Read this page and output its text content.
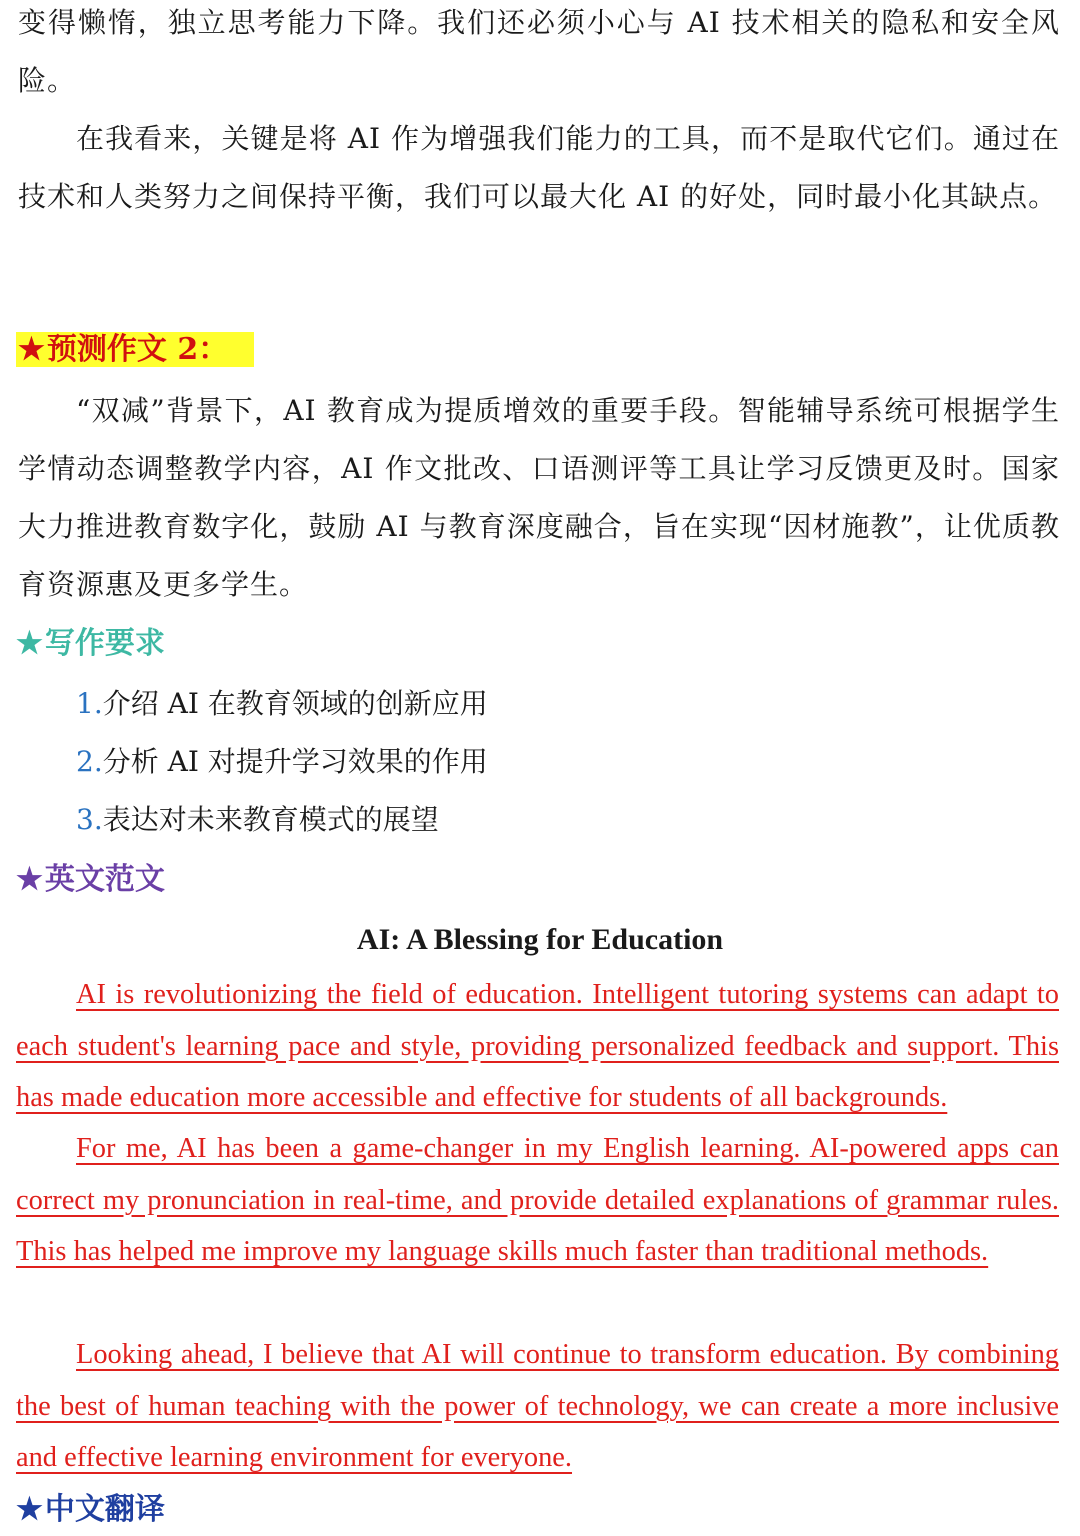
变得懒惰，独立思考能力下降。我们还必须小心与 AI 技术相关的隐私和安全风险。

在我看来，关键是将 AI 作为增强我们能力的工具，而不是取代它们。通过在技术和人类努力之间保持平衡，我们可以最大化 AI 的好处，同时最小化其缺点。

★预测作文 2：

“双减”背景下，AI 教育成为提质增效的重要手段。智能辅导系统可根据学生学情动态调整教学内容，AI 作文批改、口语测评等工具让学习反馈更及时。国家大力推进教育数字化，鼓励 AI 与教育深度融合，旨在实现“因材施教”，让优质教育资源惠及更多学生。

★写作要求

1.介绍 AI 在教育领域的创新应用

2.分析 AI 对提升学习效果的作用

3.表达对未来教育模式的展望

★英文范文
AI: A Blessing for Education

AI is revolutionizing the field of education. Intelligent tutoring systems can adapt to each student's learning pace and style, providing personalized feedback and support. This has made education more accessible and effective for students of all backgrounds.

For me, AI has been a game-changer in my English learning. AI-powered apps can correct my pronunciation in real-time, and provide detailed explanations of grammar rules. This has helped me improve my language skills much faster than traditional methods.

Looking ahead, I believe that AI will continue to transform education. By combining the best of human teaching with the power of technology, we can create a more inclusive and effective learning environment for everyone.

★中文翻译
